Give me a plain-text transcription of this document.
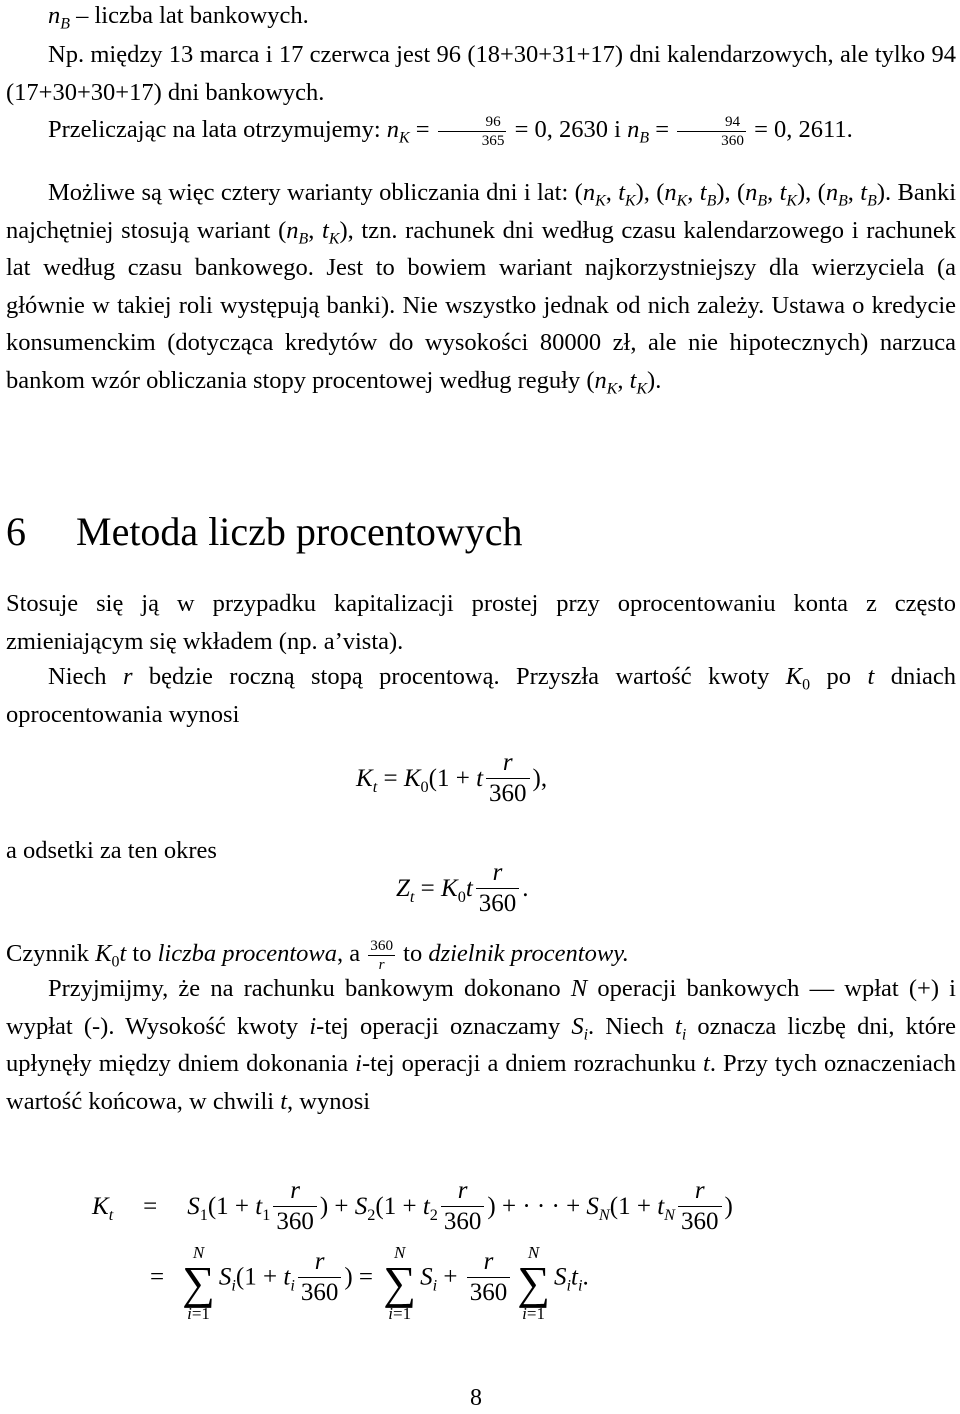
$n_B$ – liczba lat bankowych.

Np. między 13 marca i 17 czerwca jest 96 (18+30+31+17) dni kalendarzowych, ale tylko 94 (17+30+30+17) dni bankowych.

Przeliczając na lata otrzymujemy: $n_K = \frac{96}{365} = 0$, 2630 i $n_B = \frac{94}{360} = 0$, 2611.

Możliwe są więc cztery warianty obliczania dni i lat: ($n_K$, $t_K$), ($n_K$, $t_B$), ($n_B$, $t_K$), ($n_B$, $t_B$). Banki najchętniej stosują wariant ($n_B$, $t_K$), tzn. rachunek dni według czasu kalendarzowego i rachunek lat według czasu bankowego. Jest to bowiem wariant najkorzystniejszy dla wierzyciela (a głównie w takiej roli występują banki). Nie wszystko jednak od nich zależy. Ustawa o kredycie konsumenckim (dotycząca kredytów do wysokości 80000 zł, ale nie hipotecznych) narzuca bankom wzór obliczania stopy procentowej według reguły ($n_K$, $t_K$).

6 Metoda liczb procentowych

Stosuje się ją w przypadku kapitalizacji prostej przy oprocentowaniu konta z często zmieniającym się wkładem (np. a’vista).

Niech r będzie roczną stopą procentową. Przyszła wartość kwoty $K_0$ po t dniach oprocentowania wynosi

$K_t = K_0(1 + t \frac{r}{360}$ ),
a odsetki za ten okres
$Z_t = K_0t \frac{r}{360}$ .

Czynnik $K_0t$ to liczba procentowa, a $\frac{360}{r}$ to dzielnik procentowy.

Przyjmijmy, że na rachunku bankowym dokonano N operacji bankowych — wpłat (+) i wypłat (-). Wysokość kwoty i-tej operacji oznaczamy $S_i$. Niech $t_i$ oznacza liczbę dni, które upłynęły między dniem dokonania i-tej operacji a dniem rozrachunku t. Przy tych oznaczeniach wartość końcowa, w chwili t, wynosi

$K_t = S_1(1 + t_1 \frac{r}{360}$ ) + $S_2(1 + t_2 \frac{r}{360}$ ) + · · · + $S_N(1 + t_N \frac{r}{360}$ )
=
N
∑
i=1
$S_i(1 + t_i \frac{r}{360}$ ) =
N
∑
i=1
$S_i + \frac{r}{360}$	N
∑
i=1
$S_it_i$.
8
